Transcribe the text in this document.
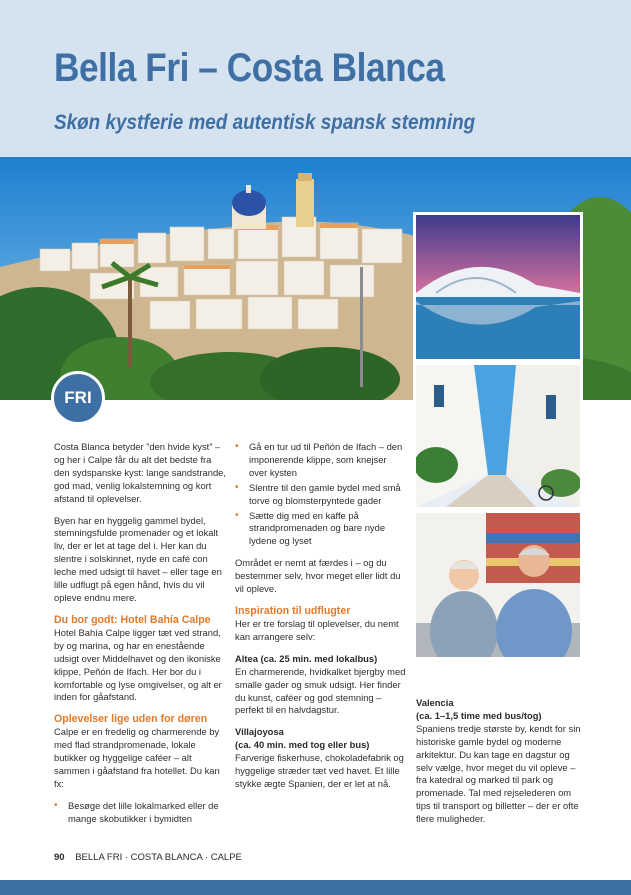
Bella Fri – Costa Blanca
Skøn kystferie med autentisk spansk stemning
FRI

Costa Blanca betyder ”den hvide kyst” – og her i Calpe får du alt det bedste fra den sydspanske kyst: lange sandstrande, god mad, venlig lokalstemning og kort afstand til oplevelser.

Byen har en hyggelig gammel bydel, stemningsfulde promenader og et lokalt liv, der er let at tage del i. Her kan du slentre i solskinnet, nyde en café con leche med udsigt til havet – eller tage en lille udflugt på egen hånd, hvis du vil opleve endnu mere.

Du bor godt: Hotel Bahía Calpe

Hotel Bahía Calpe ligger tæt ved strand, by og marina, og har en enestående udsigt over Middelhavet og den ikoniske klippe, Peñón de Ifach. Her bor du i komfortable og lyse omgivelser, og alt er inden for gåafstand.

Oplevelser lige uden for døren

Calpe er en fredelig og charmerende by med flad strandpromenade, lokale butikker og hyggelige caféer – alt sammen i gåafstand fra hotellet. Du kan fx:

• Besøge det lille lokalmarked eller de mange skobutikker i bymidten
• Gå en tur ud til Peñón de Ifach – den imponerende klippe, som knejser over kysten
• Slentre til den gamle bydel med små torve og blomsterpyntede gader
• Sætte dig med en kaffe på strandpromenaden og bare nyde lydene og lyset

Området er nemt at færdes i – og du bestemmer selv, hvor meget eller lidt du vil opleve.

Inspiration til udflugter

Her er tre forslag til oplevelser, du nemt kan arrangere selv:

Altea (ca. 25 min. med lokalbus)

En charmerende, hvidkalket bjergby med smalle gader og smuk udsigt. Her finder du kunst, caféer og god stemning – perfekt til en halvdagstur.

Villajoyosa
(ca. 40 min. med tog eller bus)

Farverige fiskerhuse, chokoladefabrik og hyggelige stræder tæt ved havet. Et lille stykke ægte Spanien, der er let at nå.

Valencia
(ca. 1–1,5 time med bus/tog)

Spaniens tredje største by, kendt for sin historiske gamle bydel og moderne arkitektur. Du kan tage en dagstur og selv vælge, hvor meget du vil opleve – fra katedral og marked til park og promenade. Tal med rejselederen om tips til transport og billetter – der er ofte flere muligheder.

90 BELLA FRI · COSTA BLANCA · CALPE
